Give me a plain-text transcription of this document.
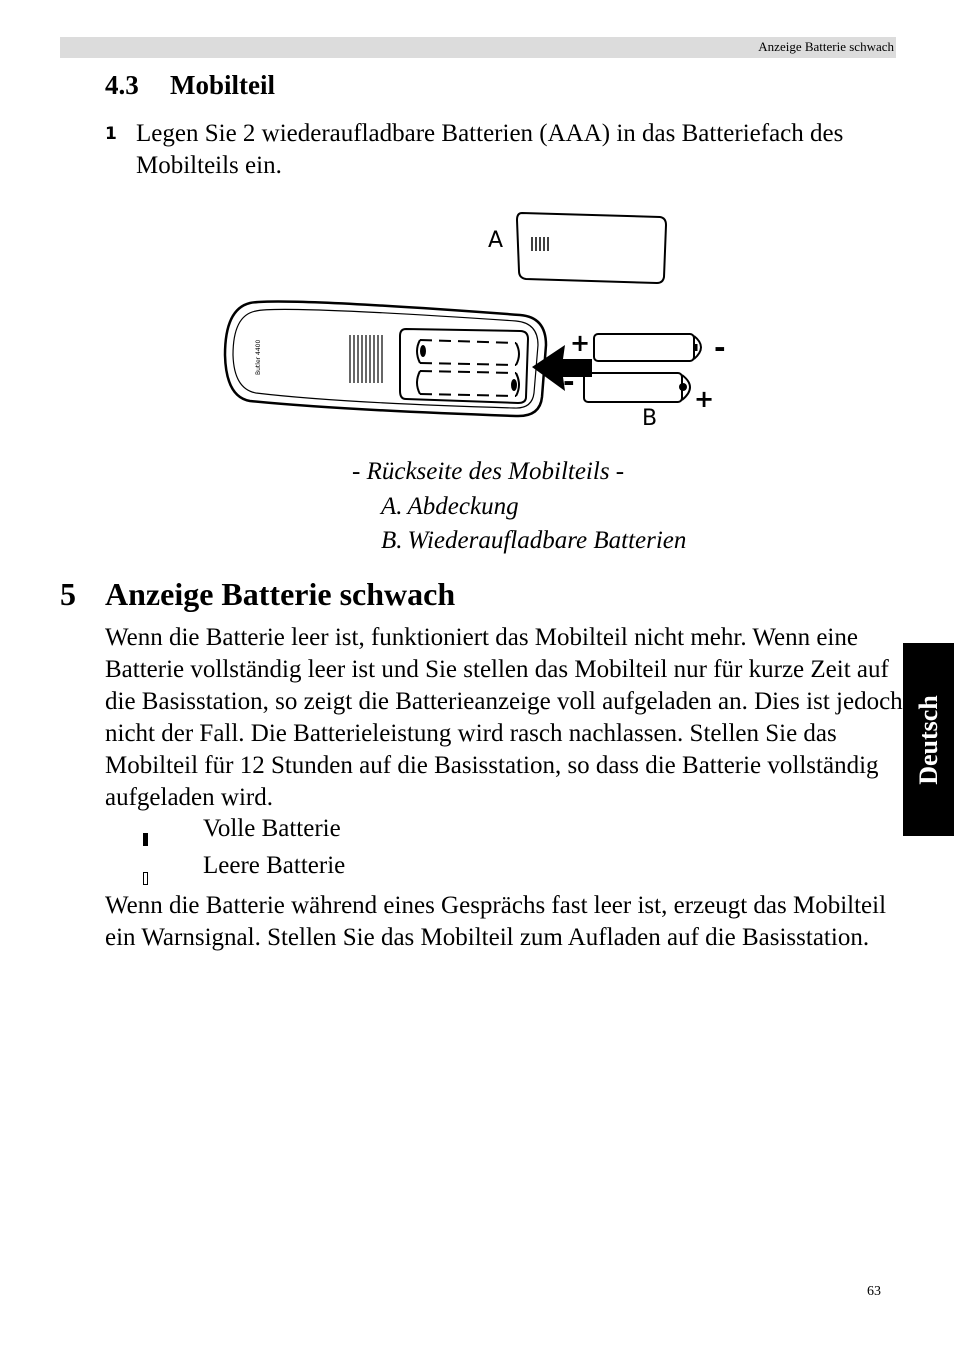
Anzeige Batterie schwach
4.3 Mobilteil
1 Legen Sie 2 wiederaufladbare Batterien (AAA) in das Batteriefach des Mobilteils ein.
A
Butler 4400	+	-
-
+
B
- Rückseite des Mobilteils -
A. Abdeckung
B. Wiederaufladbare Batterien
5 Anzeige Batterie schwach
Wenn die Batterie leer ist, funktioniert das Mobilteil nicht mehr. Wenn eine Batterie vollständig leer ist und Sie stellen das Mobilteil nur für kurze Zeit auf die Basisstation, so zeigt die Batterieanzeige voll aufgeladen an. Dies ist jedoch nicht der Fall. Die Batterieleistung wird rasch nachlassen. Stellen Sie das Mobilteil für 12 Stunden auf die Basisstation, so dass die Batterie vollständig aufgeladen wird.
Volle Batterie
Leere Batterie
Wenn die Batterie während eines Gesprächs fast leer ist, erzeugt das Mobilteil ein Warnsignal. Stellen Sie das Mobilteil zum Aufladen auf die Basisstation.
Deutsch
63
